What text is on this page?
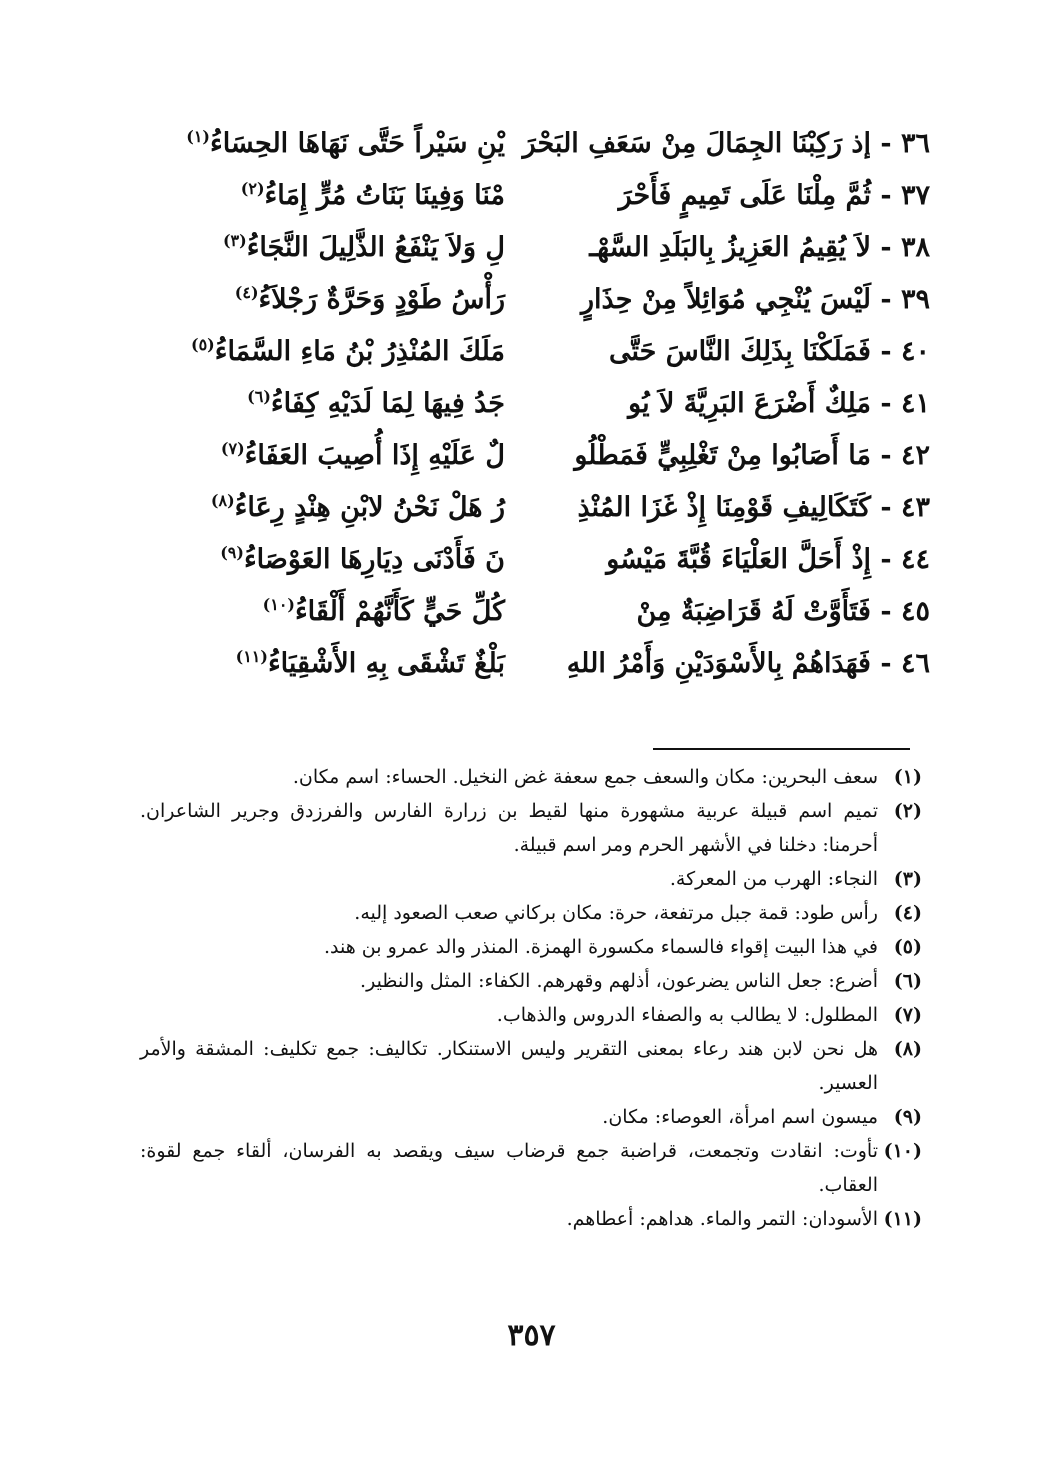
٣٦ - إذ رَكِبْنَا الجِمَالَ مِنْ سَعَفِ البَحْرَ
يْنِ سَيْراً حَتَّى نَهَاهَا الحِسَاءُ$^{(١)}$
٣٧ - ثُمَّ مِلْنَا عَلَى تَمِيمٍ فَأَحْرَ
مْنَا وَفِينَا بَنَاتُ مُرٍّ إِمَاءُ$^{(٢)}$
٣٨ - لاَ يُقِيمُ العَزِيزُ بِالبَلَدِ السَّهْـ
لِ وَلاَ يَنْفَعُ الذَّلِيلَ النَّجَاءُ$^{(٣)}$
٣٩ - لَيْسَ يُنْجِي مُوَائِلاً مِنْ حِذَارٍ
رَأْسُ طَوْدٍ وَحَرَّةٌ رَجْلاَءُ$^{(٤)}$
٤٠ - فَمَلَكْنَا بِذَلِكَ النَّاسَ حَتَّى
مَلَكَ المُنْذِرُ بْنُ مَاءِ السَّمَاءُ$^{(٥)}$
٤١ - مَلِكٌ أَضْرَعَ البَرِيَّةَ لاَ يُو
جَدُ فِيهَا لِمَا لَدَيْهِ كِفَاءُ$^{(٦)}$
٤٢ - مَا أَصَابُوا مِنْ تَغْلِبِيٍّ فَمَطْلُو
لٌ عَلَيْهِ إِذَا أُصِيبَ العَفَاءُ$^{(٧)}$
٤٣ - كَتَكَالِيفِ قَوْمِنَا إِذْ غَزَا المُنْذِ
رُ هَلْ نَحْنُ لابْنِ هِنْدٍ رِعَاءُ$^{(٨)}$
٤٤ - إِذْ أَحَلَّ العَلْيَاءَ قُبَّةَ مَيْسُو
نَ فَأَدْنَى دِيَارِهَا العَوْصَاءُ$^{(٩)}$
٤٥ - فَتَأَوَّتْ لَهُ قَرَاضِبَةٌ مِنْ
كُلِّ حَيٍّ كَأَنَّهُمْ أَلْقَاءُ$^{(١٠)}$
٤٦ - فَهَدَاهُمْ بِالأَسْوَدَيْنِ وَأَمْرُ اللهِ
بَلْغٌ تَشْقَى بِهِ الأَشْقِيَاءُ$^{(١١)}$
(١)
سعف البحرين: مكان والسعف جمع سعفة غض النخيل. الحساء: اسم مكان.
(٢)
تميم اسم قبيلة عربية مشهورة منها لقيط بن زرارة الفارس والفرزدق وجرير الشاعران. أحرمنا: دخلنا في الأشهر الحرم ومر اسم قبيلة.
(٣)
النجاء: الهرب من المعركة.
(٤)
رأس طود: قمة جبل مرتفعة، حرة: مكان بركاني صعب الصعود إليه.
(٥)
في هذا البيت إقواء فالسماء مكسورة الهمزة. المنذر والد عمرو بن هند.
(٦)
أضرع: جعل الناس يضرعون، أذلهم وقهرهم. الكفاء: المثل والنظير.
(٧)
المطلول: لا يطالب به والصفاء الدروس والذهاب.
(٨)
هل نحن لابن هند رعاء بمعنى التقرير وليس الاستنكار. تكاليف: جمع تكليف: المشقة والأمر العسير.
(٩)
ميسون اسم امرأة، العوصاء: مكان.
(١٠)
تأوت: انقادت وتجمعت، قراضبة جمع قرضاب سيف ويقصد به الفرسان، ألقاء جمع لقوة: العقاب.
(١١)
الأسودان: التمر والماء. هداهم: أعطاهم.
٣٥٧
